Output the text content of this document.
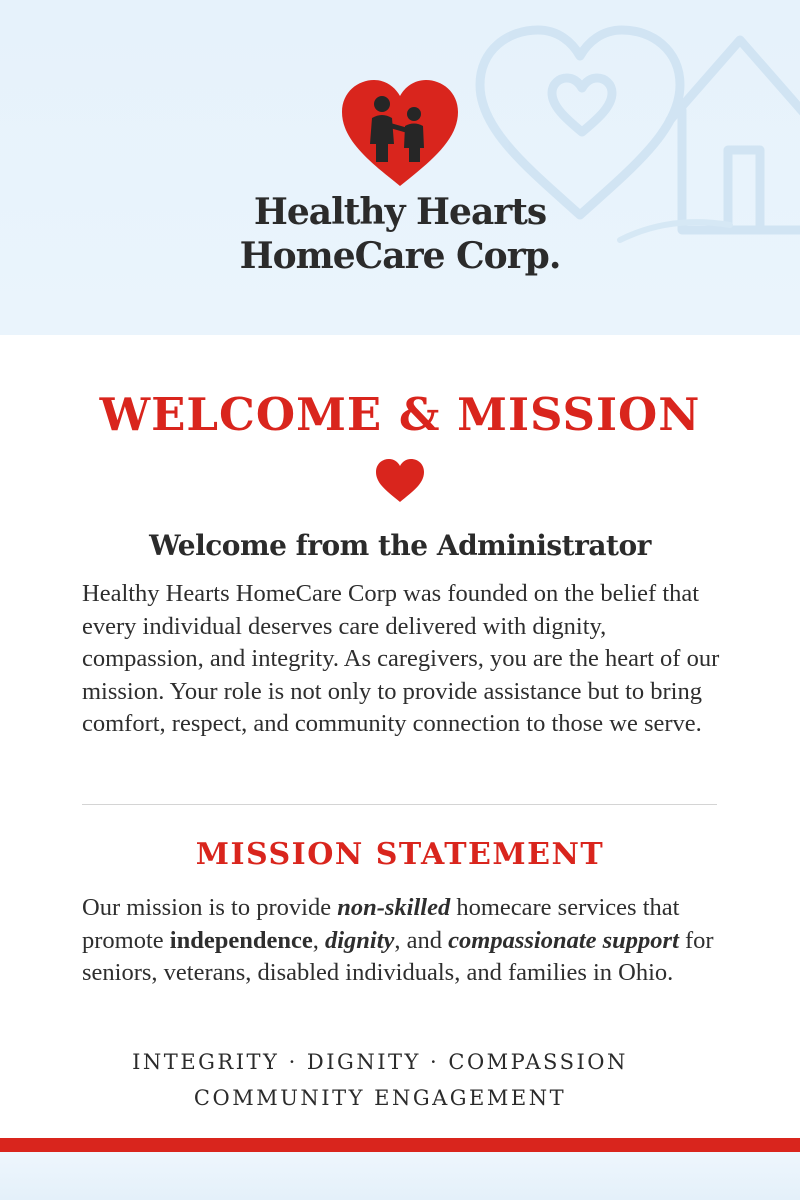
Healthy Hearts
HomeCare Corp.
WELCOME & MISSION
Welcome from the Administrator

Healthy Hearts HomeCare Corp was founded on the belief that every individual deserves care delivered with dignity, compassion, and integrity. As caregivers, you are the heart of our mission. Your role is not only to provide assistance but to bring comfort, respect, and community connection to those we serve.

MISSION STATEMENT

Our mission is to provide non-skilled homecare services that promote independence, dignity, and compassionate support for seniors, veterans, disabled individuals, and families in Ohio.

INTEGRITY · DIGNITY · COMPASSION
COMMUNITY ENGAGEMENT
